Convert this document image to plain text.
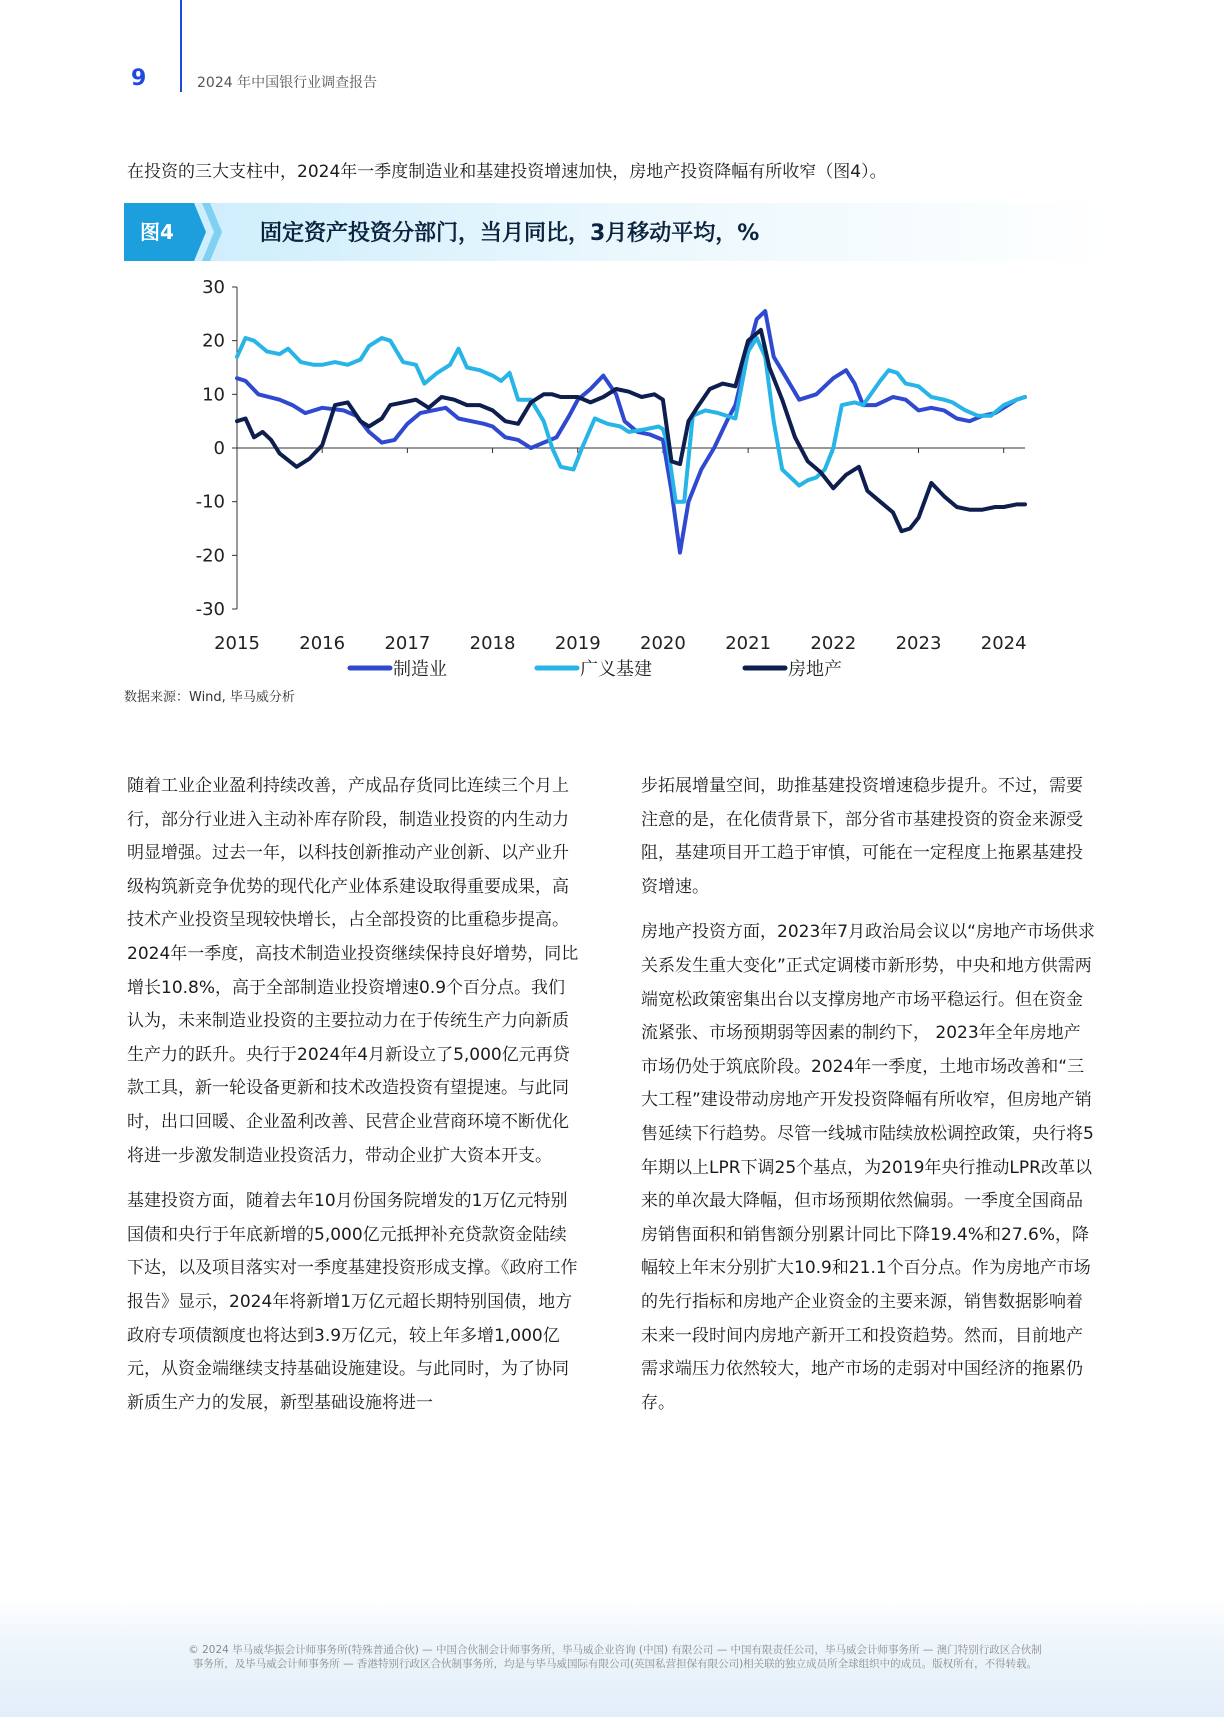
9	2024 年中国银行业调查报告
在投资的三大支柱中，2024年一季度制造业和基建投资增速加快，房地产投资降幅有所收窄（图4）。
图4	固定资产投资分部门，当月同比，3月移动平均，%
30
20
10
0
-10
-20
-30
2015 2016 2017 2018 2019 2020 2021 2022 2023 2024
制造业	广义基建	房地产
数据来源：Wind, 毕马威分析

随着工业企业盈利持续改善，产成品存货同比连续三个月上行，部分行业进入主动补库存阶段，制造业投资的内生动力明显增强。过去一年，以科技创新推动产业创新、以产业升级构筑新竞争优势的现代化产业体系建设取得重要成果，高技术产业投资呈现较快增长，占全部投资的比重稳步提高。2024年一季度，高技术制造业投资继续保持良好增势，同比增长10.8%，高于全部制造业投资增速0.9个百分点。我们认为，未来制造业投资的主要拉动力在于传统生产力向新质生产力的跃升。央行于2024年4月新设立了5,000亿元再贷款工具，新一轮设备更新和技术改造投资有望提速。与此同时，出口回暖、企业盈利改善、民营企业营商环境不断优化将进一步激发制造业投资活力，带动企业扩大资本开支。

基建投资方面，随着去年10月份国务院增发的1万亿元特别国债和央行于年底新增的5,000亿元抵押补充贷款资金陆续下达，以及项目落实对一季度基建投资形成支撑。《政府工作报告》显示，2024年将新增1万亿元超长期特别国债，地方政府专项债额度也将达到3.9万亿元，较上年多增1,000亿元，从资金端继续支持基础设施建设。与此同时，为了协同新质生产力的发展，新型基础设施将进一

步拓展增量空间，助推基建投资增速稳步提升。不过，需要注意的是，在化债背景下，部分省市基建投资的资金来源受阻，基建项目开工趋于审慎，可能在一定程度上拖累基建投资增速。

房地产投资方面，2023年7月政治局会议以“房地产市场供求关系发生重大变化”正式定调楼市新形势，中央和地方供需两端宽松政策密集出台以支撑房地产市场平稳运行。但在资金流紧张、市场预期弱等因素的制约下， 2023年全年房地产市场仍处于筑底阶段。2024年一季度，土地市场改善和“三大工程”建设带动房地产开发投资降幅有所收窄，但房地产销售延续下行趋势。尽管一线城市陆续放松调控政策，央行将5年期以上LPR下调25个基点，为2019年央行推动LPR改革以来的单次最大降幅，但市场预期依然偏弱。一季度全国商品房销售面积和销售额分别累计同比下降19.4%和27.6%，降幅较上年末分别扩大10.9和21.1个百分点。作为房地产市场的先行指标和房地产企业资金的主要来源，销售数据影响着未来一段时间内房地产新开工和投资趋势。然而，目前地产需求端压力依然较大，地产市场的走弱对中国经济的拖累仍存。

© 2024 毕马威华振会计师事务所(特殊普通合伙) — 中国合伙制会计师事务所，毕马威企业咨询 (中国) 有限公司 — 中国有限责任公司，毕马威会计师事务所 — 澳门特别行政区合伙制事务所，及毕马威会计师事务所 — 香港特别行政区合伙制事务所，均是与毕马威国际有限公司(英国私营担保有限公司)相关联的独立成员所全球组织中的成员。版权所有，不得转载。
